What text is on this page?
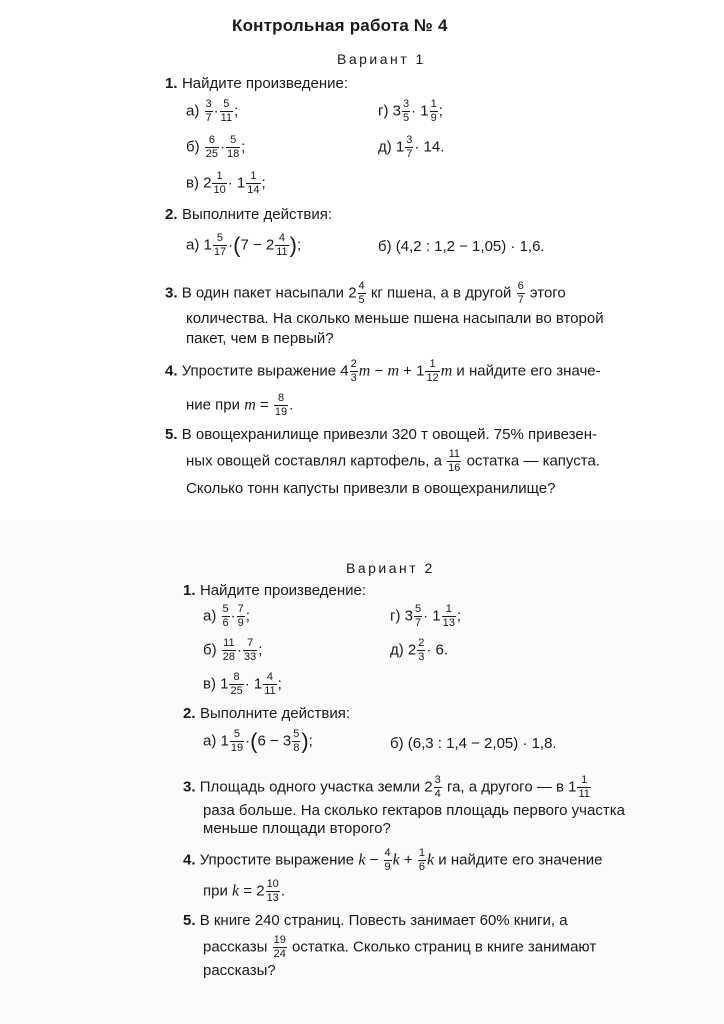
Контрольная работа № 4
Вариант 1
1. Найдите произведение:
$а) \frac{3}{7} \cdot \frac{5}{11}$ ;	г) $3 \frac{3}{5} \cdot 1 \frac{1}{9}$ ;
$б) \frac{6}{25} \cdot \frac{5}{18}$ ;	д) $1 \frac{3}{7} \cdot 14$.
в) $2 \frac{1}{10} \cdot 1 \frac{1}{14}$ ;
2. Выполните действия:
а) $1 \frac{5}{17} \cdot(7 - 2 \frac{4}{11}$ );	б) (4,2 : 1,2 − 1,05) · 1,6.
3. В один пакет насыпали $2 \frac{4}{5}$ кг пшена, а в другой $\frac{6}{7}$ этого
количества. На сколько меньше пшена насыпали во второй
пакет, чем в первый?
4. Упростите выражение $4 \frac{2}{3}$ $m - m + 1 \frac{1}{12}$ m и найдите его значе-
ние при $m = \frac{8}{19}$ .
5. В овощехранилище привезли 320 т овощей. 75% привезен-
ных овощей составлял картофель, а $\frac{11}{16}$ остатка — капуста.
Сколько тонн капусты привезли в овощехранилище?
Вариант 2
1. Найдите произведение:
$а) \frac{5}{6} \cdot \frac{7}{9}$ ;	г) $3 \frac{5}{7} \cdot 1 \frac{1}{13}$ ;
$б) \frac{11}{28} \cdot \frac{7}{33}$ ;	д) $2 \frac{2}{3} \cdot 6$.
в) $1 \frac{8}{25} \cdot 1 \frac{4}{11}$ ;
2. Выполните действия:
а) $1 \frac{5}{19} \cdot(6 - 3 \frac{5}{8}$ );	б) (6,3 : 1,4 − 2,05) · 1,8.
3. Площадь одного участка земли $2 \frac{3}{4}$ га, а другого — в $1 \frac{1}{11}$
раза больше. На сколько гектаров площадь первого участка
меньше площади второго?
4. Упростите выражение $k - \frac{4}{9}$ $k + \frac{1}{6}$ k и найдите его значение
при $k = 2 \frac{10}{13}$ .
5. В книге 240 страниц. Повесть занимает 60% книги, а
рассказы $\frac{19}{24}$ остатка. Сколько страниц в книге занимают
рассказы?
